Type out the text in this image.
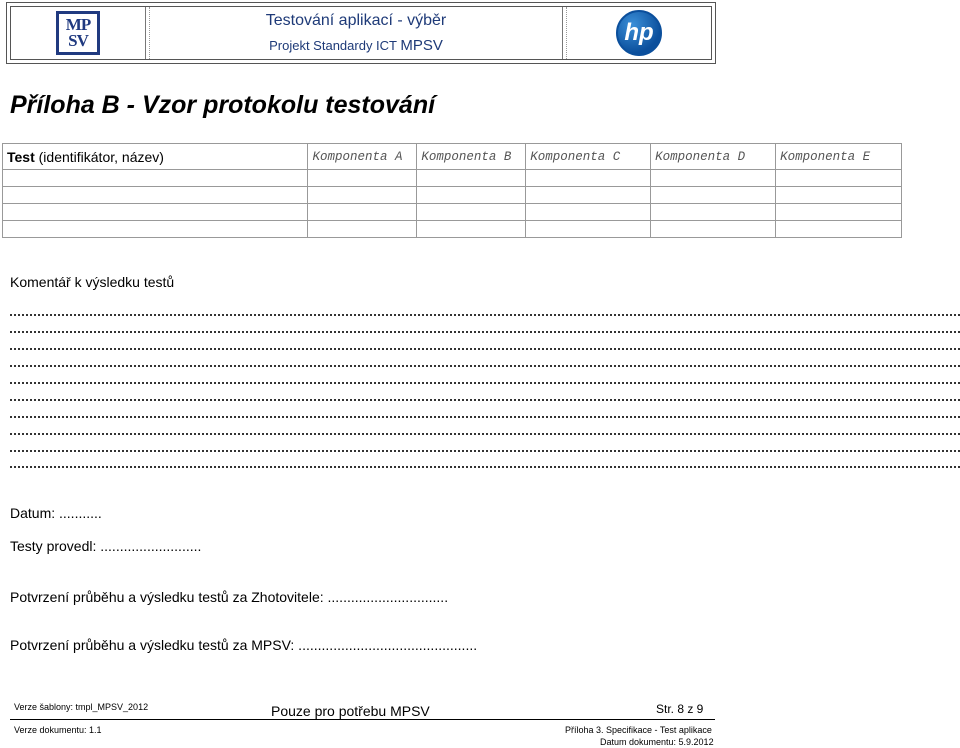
MP
SV
Testování aplikací - výběr
Projekt Standardy ICT MPSV	hp
Příloha B - Vzor protokolu testování
Test (identifikátor, název)	Komponenta A	Komponenta B	Komponenta C	Komponenta D	Komponenta E

Komentář k výsledku testů
Datum: ...........
Testy provedl: ..........................
Potvrzení průběhu a výsledku testů za Zhotovitele: ...............................
Potvrzení průběhu a výsledku testů za MPSV: ..............................................
Verze šablony: tmpl_MPSV_2012	Pouze pro potřebu MPSV	Str. 8 z 9
Verze dokumentu: 1.1	Příloha 3. Specifikace - Test aplikace
Datum dokumentu: 5.9.2012
